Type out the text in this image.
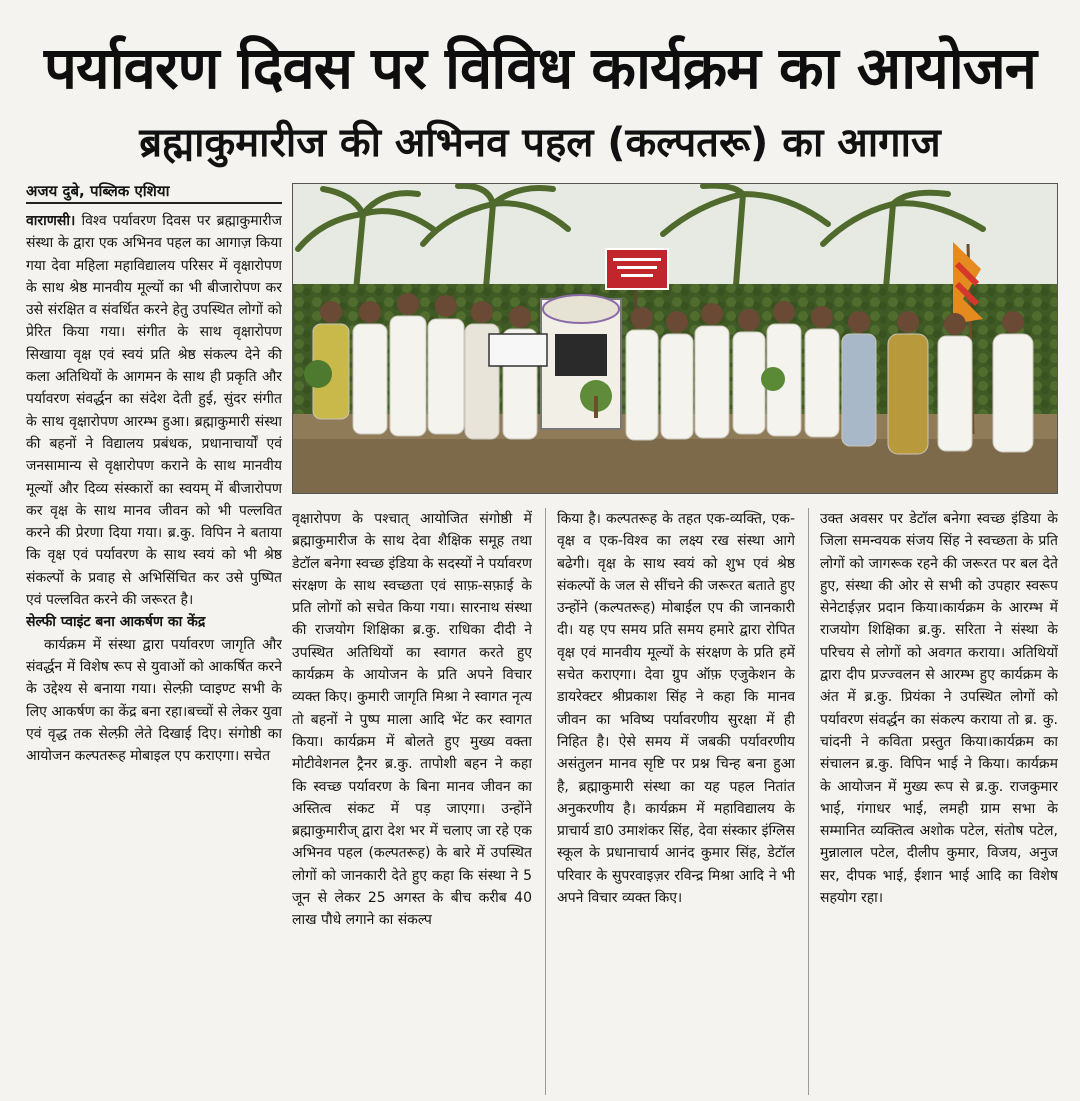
पर्यावरण दिवस पर विविध कार्यक्रम का आयोजन
ब्रह्माकुमारीज की अभिनव पहल (कल्पतरू) का आगाज
अजय दुबे, पब्लिक एशिया

वाराणसी। विश्व पर्यावरण दिवस पर ब्रह्माकुमारीज संस्था के द्वारा एक अभिनव पहल का आगाज़ किया गया देवा महिला महाविद्यालय परिसर में वृक्षारोपण के साथ श्रेष्ठ मानवीय मूल्यों का भी बीजारोपण कर उसे संरक्षित व संवर्धित करने हेतु उपस्थित लोगों को प्रेरित किया गया। संगीत के साथ वृक्षारोपण सिखाया वृक्ष एवं स्वयं प्रति श्रेष्ठ संकल्प देने की कला अतिथियों के आगमन के साथ ही प्रकृति और पर्यावरण संवर्द्धन का संदेश देती हुई, सुंदर संगीत के साथ वृक्षारोपण आरम्भ हुआ। ब्रह्माकुमारी संस्था की बहनों ने विद्यालय प्रबंधक, प्रधानाचार्यों एवं जनसामान्य से वृक्षारोपण कराने के साथ मानवीय मूल्यों और दिव्य संस्कारों का स्वयम् में बीजारोपण कर वृक्ष के साथ मानव जीवन को भी पल्लवित करने की प्रेरणा दिया गया। ब्र.कु. विपिन ने बताया कि वृक्ष एवं पर्यावरण के साथ स्वयं को भी श्रेष्ठ संकल्पों के प्रवाह से अभिसिंचित कर उसे पुष्पित एवं पल्लवित करने की जरूरत है।

सेल्फी प्वाइंट बना आकर्षण का केंद्र

कार्यक्रम में संस्था द्वारा पर्यावरण जागृति और संवर्द्धन में विशेष रूप से युवाओं को आकर्षित करने के उद्देश्य से बनाया गया। सेल्फ़ी प्वाइण्ट सभी के लिए आकर्षण का केंद्र बना रहा।बच्चों से लेकर युवा एवं वृद्ध तक सेल्फ़ी लेते दिखाई दिए। संगोष्ठी का आयोजन कल्पतरूह मोबाइल एप कराएगा। सचेत

वृक्षारोपण के पश्चात् आयोजित संगोष्ठी में ब्रह्माकुमारीज के साथ देवा शैक्षिक समूह तथा डेटॉल बनेगा स्वच्छ इंडिया के सदस्यों ने पर्यावरण संरक्षण के साथ स्वच्छता एवं साफ़-सफ़ाई के प्रति लोगों को सचेत किया गया। सारनाथ संस्था की राजयोग शिक्षिका ब्र.कु. राधिका दीदी ने उपस्थित अतिथियों का स्वागत करते हुए कार्यक्रम के आयोजन के प्रति अपने विचार व्यक्त किए। कुमारी जागृति मिश्रा ने स्वागत नृत्य तो बहनों ने पुष्प माला आदि भेंट कर स्वागत किया। कार्यक्रम में बोलते हुए मुख्य वक्ता मोटीवेशनल ट्रैनर ब्र.कु. तापोशी बहन ने कहा कि स्वच्छ पर्यावरण के बिना मानव जीवन का अस्तित्व संकट में पड़ जाएगा। उन्होंने ब्रह्माकुमारीज् द्वारा देश भर में चलाए जा रहे एक अभिनव पहल (कल्पतरूह) के बारे में उपस्थित लोगों को जानकारी देते हुए कहा कि संस्था ने 5 जून से लेकर 25 अगस्त के बीच करीब 40 लाख पौधे लगाने का संकल्प

किया है। कल्पतरूह के तहत एक-व्यक्ति, एक-वृक्ष व एक-विश्व का लक्ष्य रख संस्था आगे बढेगी। वृक्ष के साथ स्वयं को शुभ एवं श्रेष्ठ संकल्पों के जल से सींचने की जरूरत बताते हुए उन्होंने (कल्पतरूह) मोबाईल एप की जानकारी दी। यह एप समय प्रति समय हमारे द्वारा रोपित वृक्ष एवं मानवीय मूल्यों के संरक्षण के प्रति हमें सचेत कराएगा। देवा ग्रुप ऑफ़ एजुकेशन के डायरेक्टर श्रीप्रकाश सिंह ने कहा कि मानव जीवन का भविष्य पर्यावरणीय सुरक्षा में ही निहित है। ऐसे समय में जबकी पर्यावरणीय असंतुलन मानव सृष्टि पर प्रश्न चिन्ह बना हुआ है, ब्रह्माकुमारी संस्था का यह पहल नितांत अनुकरणीय है। कार्यक्रम में महाविद्यालय के प्राचार्य डा0 उमाशंकर सिंह, देवा संस्कार इंग्लिस स्कूल के प्रधानाचार्य आनंद कुमार सिंह, डेटॉल परिवार के सुपरवाइज़र रविन्द्र मिश्रा आदि ने भी अपने विचार व्यक्त किए।

उक्त अवसर पर डेटॉल बनेगा स्वच्छ इंडिया के जिला समन्वयक संजय सिंह ने स्वच्छता के प्रति लोगों को जागरूक रहने की जरूरत पर बल देते हुए, संस्था की ओर से सभी को उपहार स्वरूप सेनेटाईज़र प्रदान किया।कार्यक्रम के आरम्भ में राजयोग शिक्षिका ब्र.कु. सरिता ने संस्था के परिचय से लोगों को अवगत कराया। अतिथियों द्वारा दीप प्रज्ज्वलन से आरम्भ हुए कार्यक्रम के अंत में ब्र.कु. प्रियंका ने उपस्थित लोगों को पर्यावरण संवर्द्धन का संकल्प कराया तो ब्र. कु. चांदनी ने कविता प्रस्तुत किया।कार्यक्रम का संचालन ब्र.कु. विपिन भाई ने किया। कार्यक्रम के आयोजन में मुख्य रूप से ब्र.कु. राजकुमार भाई, गंगाधर भाई, लमही ग्राम सभा के सम्मानित व्यक्तित्व अशोक पटेल, संतोष पटेल, मुन्नालाल पटेल, दीलीप कुमार, विजय, अनुज सर, दीपक भाई, ईशान भाई आदि का विशेष सहयोग रहा।
